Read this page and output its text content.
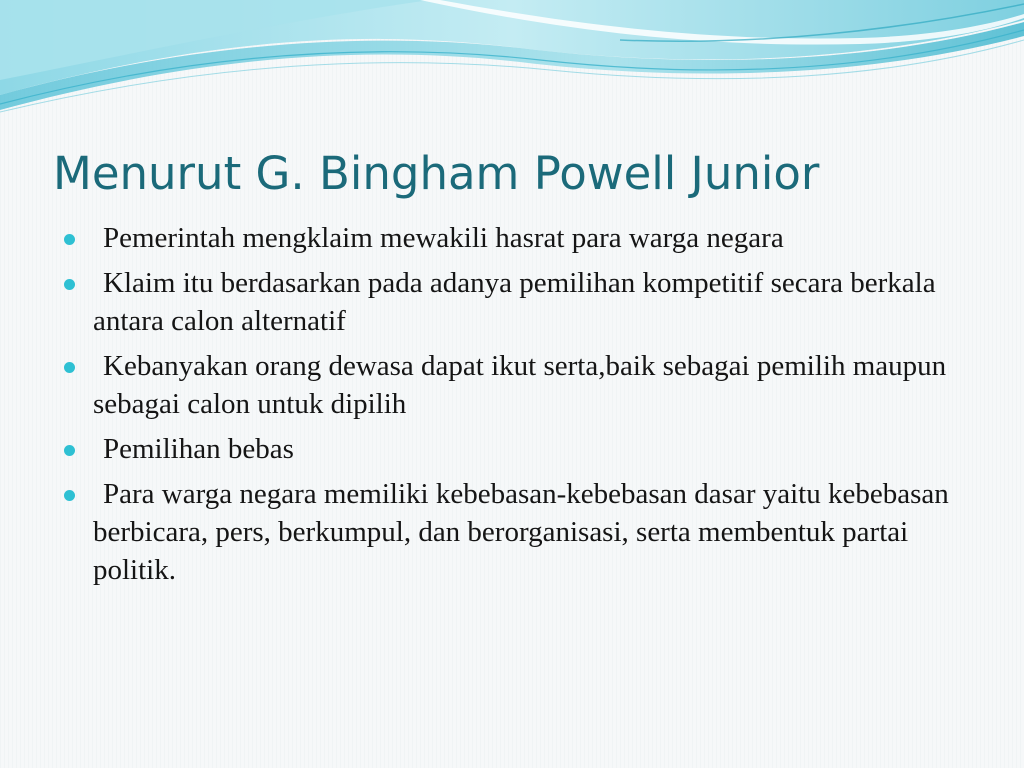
Menurut G. Bingham Powell Junior
Pemerintah mengklaim mewakili hasrat para warga negara
Klaim itu berdasarkan pada adanya pemilihan kompetitif secara berkala antara calon alternatif
Kebanyakan orang dewasa dapat ikut serta,baik sebagai pemilih maupun sebagai calon untuk dipilih
Pemilihan bebas
Para warga negara memiliki kebebasan-kebebasan dasar yaitu kebebasan berbicara, pers, berkumpul, dan berorganisasi, serta membentuk partai politik.
